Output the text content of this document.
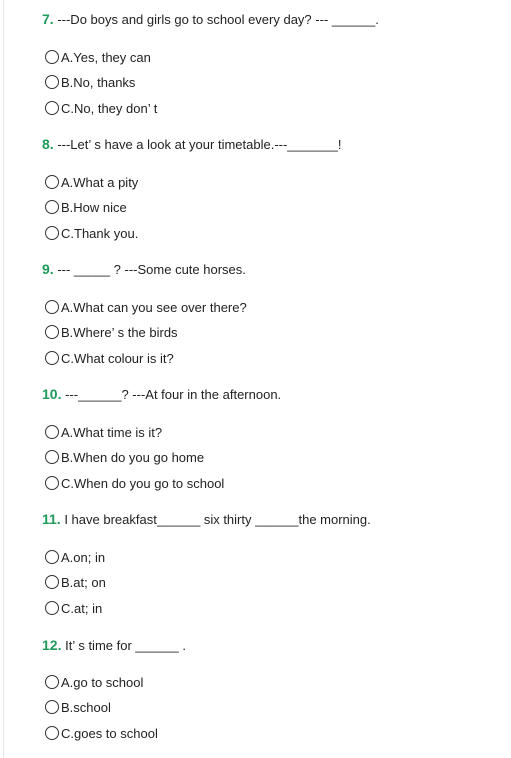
7. ---Do boys and girls go to school every day? --- ______.
A.Yes, they can
B.No, thanks
C.No, they don’ t
8. ---Let’ s have a look at your timetable.---_______!
A.What a pity
B.How nice
C.Thank you.
9. --- _____ ? ---Some cute horses.
A.What can you see over there?
B.Where’ s the birds
C.What colour is it?
10. ---______? ---At four in the afternoon.
A.What time is it?
B.When do you go home
C.When do you go to school
11. I have breakfast______ six thirty ______the morning.
A.on; in
B.at; on
C.at; in
12. It’ s time for ______ .
A.go to school
B.school
C.goes to school
